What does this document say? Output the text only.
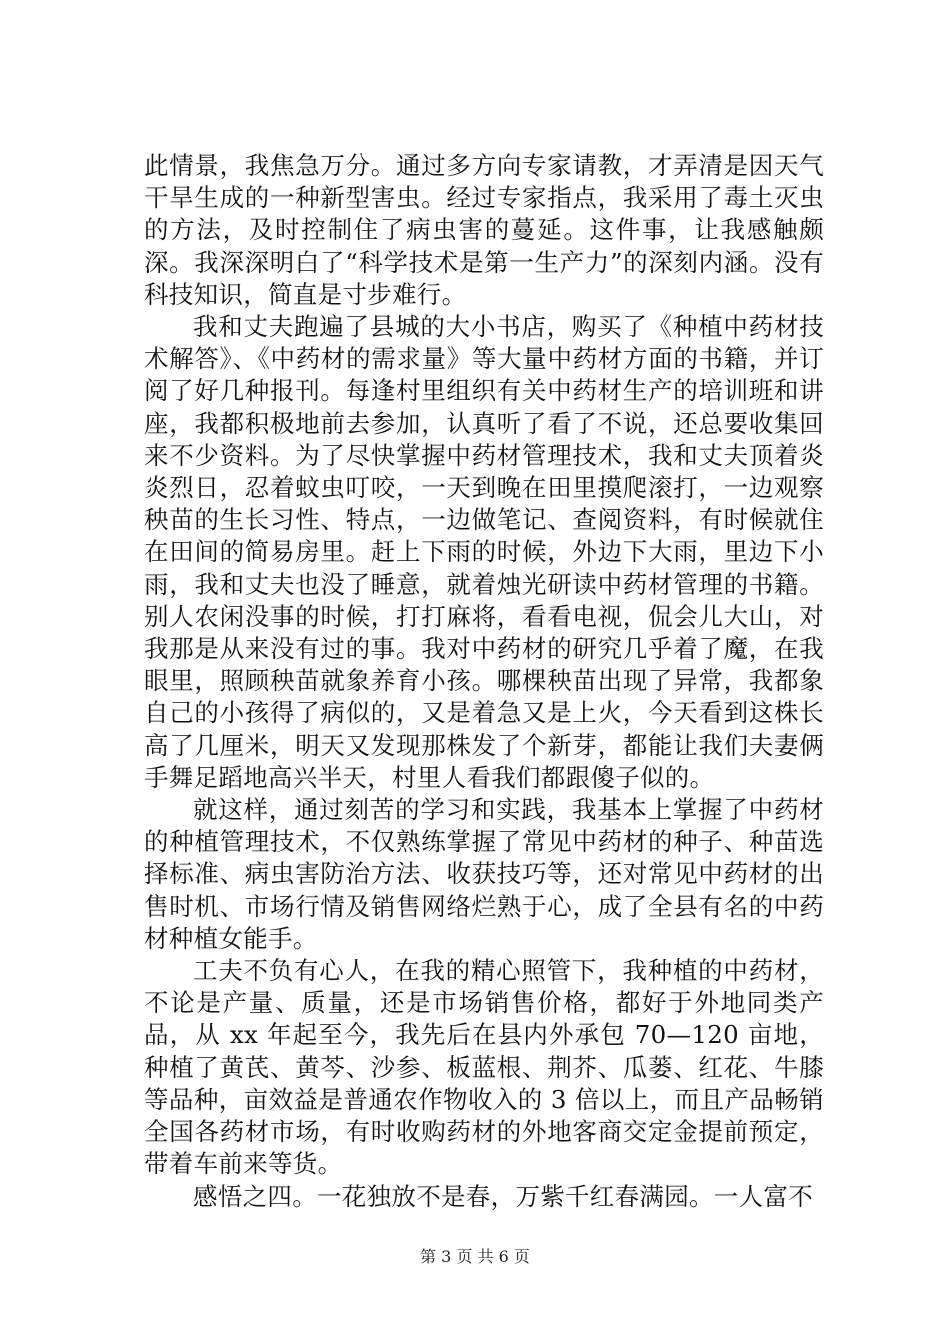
此情景，我焦急万分。通过多方向专家请教，才弄清是因天气干旱生成的一种新型害虫。经过专家指点，我采用了毒土灭虫的方法，及时控制住了病虫害的蔓延。这件事，让我感触颇深。我深深明白了“科学技术是第一生产力”的深刻内涵。没有科技知识，简直是寸步难行。

我和丈夫跑遍了县城的大小书店，购买了《种植中药材技术解答》、《中药材的需求量》等大量中药材方面的书籍，并订阅了好几种报刊。每逢村里组织有关中药材生产的培训班和讲座，我都积极地前去参加，认真听了看了不说，还总要收集回来不少资料。为了尽快掌握中药材管理技术，我和丈夫顶着炎炎烈日，忍着蚊虫叮咬，一天到晚在田里摸爬滚打，一边观察秧苗的生长习性、特点，一边做笔记、查阅资料，有时候就住在田间的简易房里。赶上下雨的时候，外边下大雨，里边下小雨，我和丈夫也没了睡意，就着烛光研读中药材管理的书籍。别人农闲没事的时候，打打麻将，看看电视，侃会儿大山，对我那是从来没有过的事。我对中药材的研究几乎着了魔，在我眼里，照顾秧苗就象养育小孩。哪棵秧苗出现了异常，我都象自己的小孩得了病似的，又是着急又是上火，今天看到这株长高了几厘米，明天又发现那株发了个新芽，都能让我们夫妻俩手舞足蹈地高兴半天，村里人看我们都跟傻子似的。

就这样，通过刻苦的学习和实践，我基本上掌握了中药材的种植管理技术，不仅熟练掌握了常见中药材的种子、种苗选择标准、病虫害防治方法、收获技巧等，还对常见中药材的出售时机、市场行情及销售网络烂熟于心，成了全县有名的中药材种植女能手。

工夫不负有心人，在我的精心照管下，我种植的中药材，不论是产量、质量，还是市场销售价格，都好于外地同类产品，从 xx 年起至今，我先后在县内外承包 70—120 亩地，种植了黄芪、黄芩、沙参、板蓝根、荆芥、瓜蒌、红花、牛膝等品种，亩效益是普通农作物收入的 3 倍以上，而且产品畅销全国各药材市场，有时收购药材的外地客商交定金提前预定，带着车前来等货。

感悟之四。一花独放不是春，万紫千红春满园。一人富不

第 3 页 共 6 页
